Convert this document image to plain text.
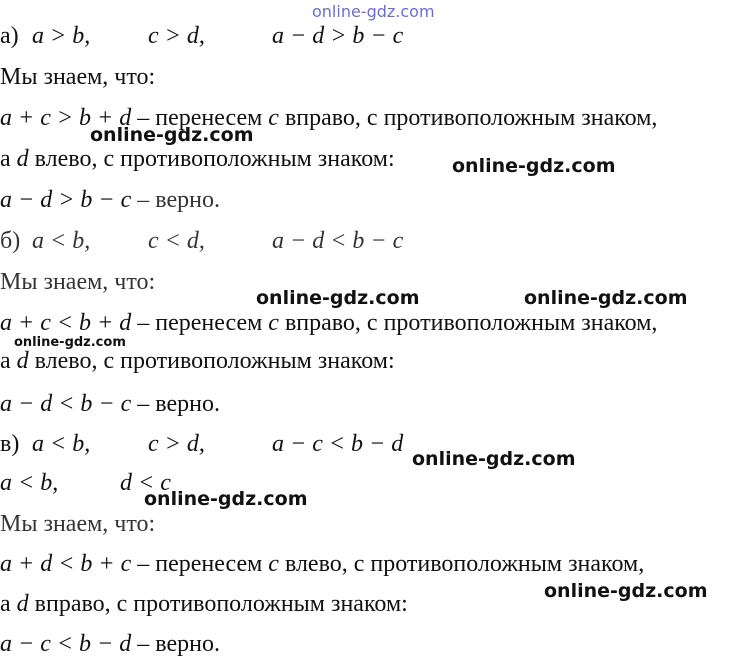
online-gdz.com
а) a > b, c > d,	a − d > b − c
Мы знаем, что:
a + c > b + d – перенесем c вправо, с противоположным знаком,
online-gdz.com
а d влево, с противоположным знаком:	online-gdz.com
a − d > b − c – верно.
б) a < b, c < d,	a − d < b − c
Мы знаем, что:
online-gdz.com	online-gdz.com
a + c < b + d – перенесем c вправо, с противоположным знаком,
online-gdz.com
а d влево, с противоположным знаком:
a − d < b − c – верно.
в) a < b, c > d,	a − c < b − d
online-gdz.com
a < b,	d < c
online-gdz.com
Мы знаем, что:
a + d < b + c – перенесем c влево, с противоположным знаком,
online-gdz.com
а d вправо, с противоположным знаком:
a − c < b − d – верно.
